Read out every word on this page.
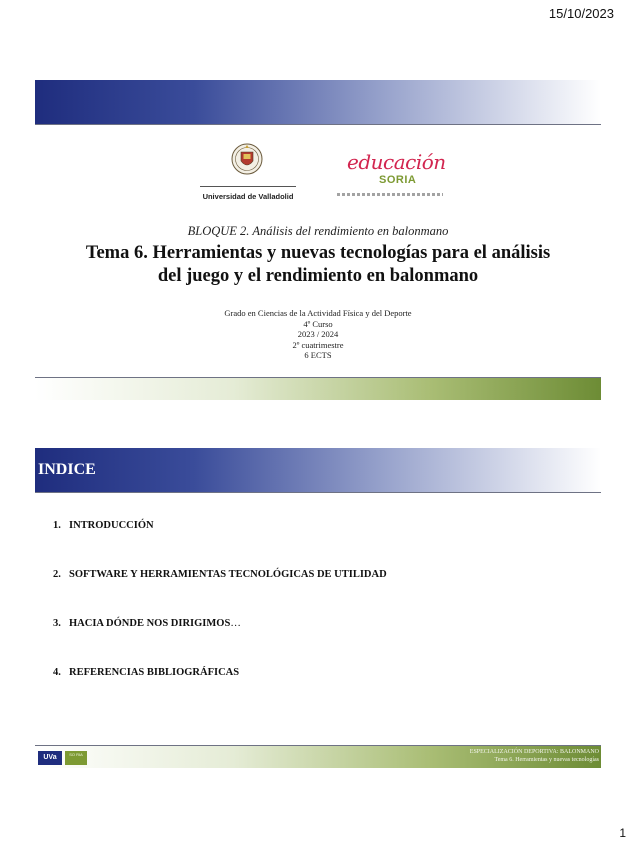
15/10/2023
Universidad de Valladolid
educación
SORIA
BLOQUE 2. Análisis del rendimiento en balonmano
Tema 6. Herramientas y nuevas tecnologías para el análisis
del juego y el rendimiento en balonmano
Grado en Ciencias de la Actividad Física y del Deporte
4º Curso
2023 / 2024
2º cuatrimestre
6 ECTS
INDICE
1. INTRODUCCIÓN
2. SOFTWARE Y HERRAMIENTAS TECNOLÓGICAS DE UTILIDAD
3. HACIA DÓNDE NOS DIRIGIMOS…
4. REFERENCIAS BIBLIOGRÁFICAS
UVa	SO RIA	ESPECIALIZACIÓN DEPORTIVA: BALONMANO
Tema 6. Herramientas y nuevas tecnologías
1
